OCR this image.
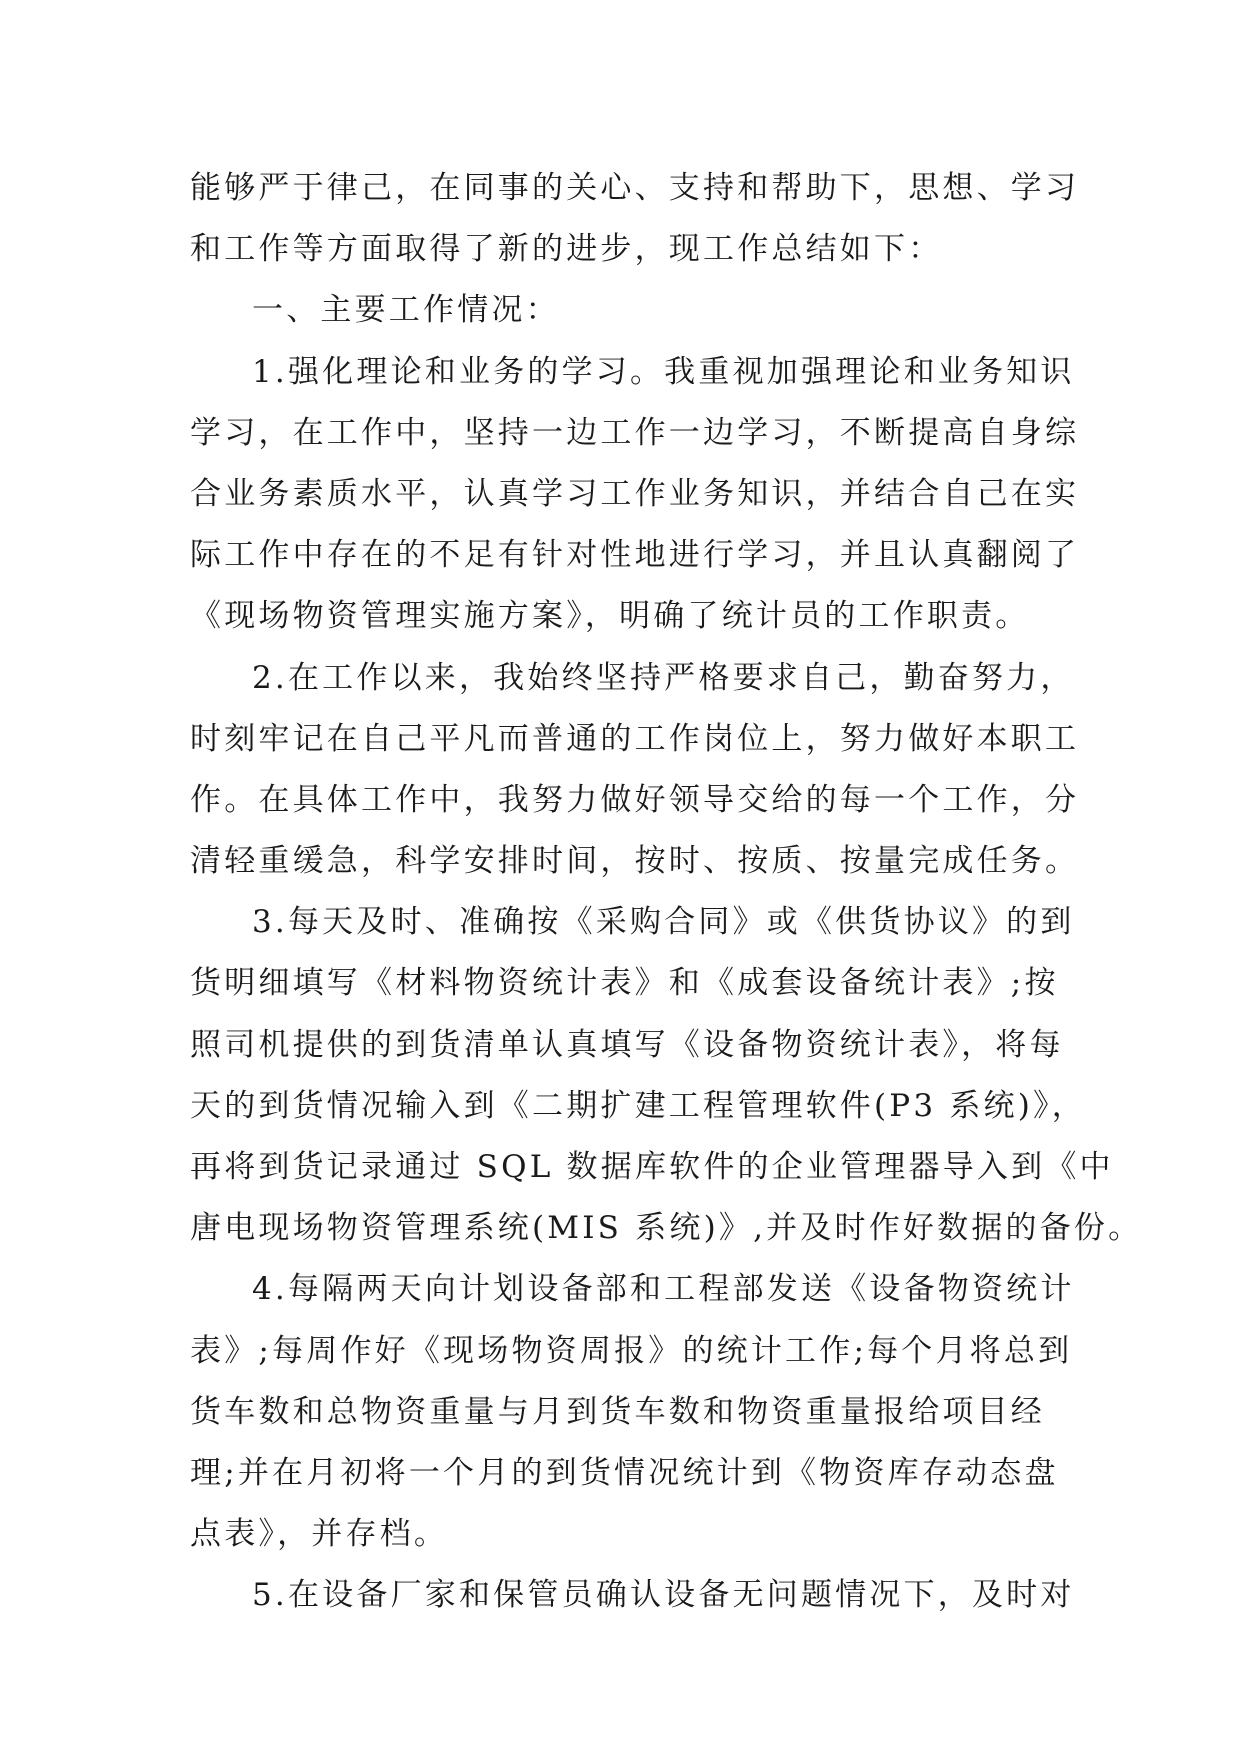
能够严于律己，在同事的关心、支持和帮助下，思想、学习
和工作等方面取得了新的进步，现工作总结如下：
一、主要工作情况：
1.强化理论和业务的学习。我重视加强理论和业务知识
学习，在工作中，坚持一边工作一边学习，不断提高自身综
合业务素质水平，认真学习工作业务知识，并结合自己在实
际工作中存在的不足有针对性地进行学习，并且认真翻阅了
《现场物资管理实施方案》，明确了统计员的工作职责。
2.在工作以来，我始终坚持严格要求自己，勤奋努力，
时刻牢记在自己平凡而普通的工作岗位上，努力做好本职工
作。在具体工作中，我努力做好领导交给的每一个工作，分
清轻重缓急，科学安排时间，按时、按质、按量完成任务。
3.每天及时、准确按《采购合同》或《供货协议》的到
货明细填写《材料物资统计表》和《成套设备统计表》;按
照司机提供的到货清单认真填写《设备物资统计表》，将每
天的到货情况输入到《二期扩建工程管理软件(P3 系统)》，
再将到货记录通过 SQL 数据库软件的企业管理器导入到《中
唐电现场物资管理系统(MIS 系统)》,并及时作好数据的备份。
4.每隔两天向计划设备部和工程部发送《设备物资统计
表》;每周作好《现场物资周报》的统计工作;每个月将总到
货车数和总物资重量与月到货车数和物资重量报给项目经
理;并在月初将一个月的到货情况统计到《物资库存动态盘
点表》，并存档。
5.在设备厂家和保管员确认设备无问题情况下，及时对
